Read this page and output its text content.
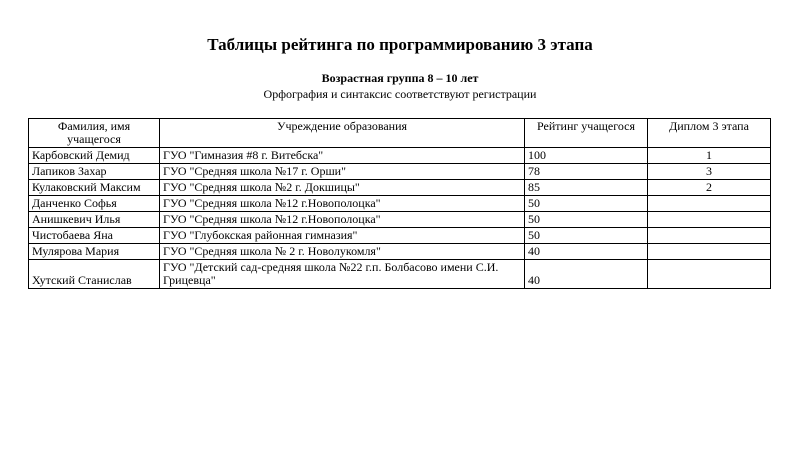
Таблицы рейтинга по программированию 3 этапа
Возрастная группа 8 – 10 лет
Орфография и синтаксис соответствуют регистрации
Фамилия, имя учащегося	Учреждение образования	Рейтинг учащегося	Диплом 3 этапа
Карбовский Демид	ГУО "Гимназия #8 г. Витебска"	100	1
Лапиков Захар	ГУО "Средняя школа №17 г. Орши"	78	3
Кулаковский Максим	ГУО "Средняя школа №2 г. Докшицы"	85	2
Данченко Софья	ГУО "Средняя школа №12 г.Новополоцка"	50	
Анишкевич Илья	ГУО "Средняя школа №12 г.Новополоцка"	50	
Чистобаева Яна	ГУО "Глубокская районная гимназия"	50	
Мулярова Мария	ГУО "Средняя школа № 2 г. Новолукомля"	40	
Хутский Станислав	ГУО "Детский сад-средняя школа №22 г.п. Болбасово имени С.И. Грицевца"	40	
